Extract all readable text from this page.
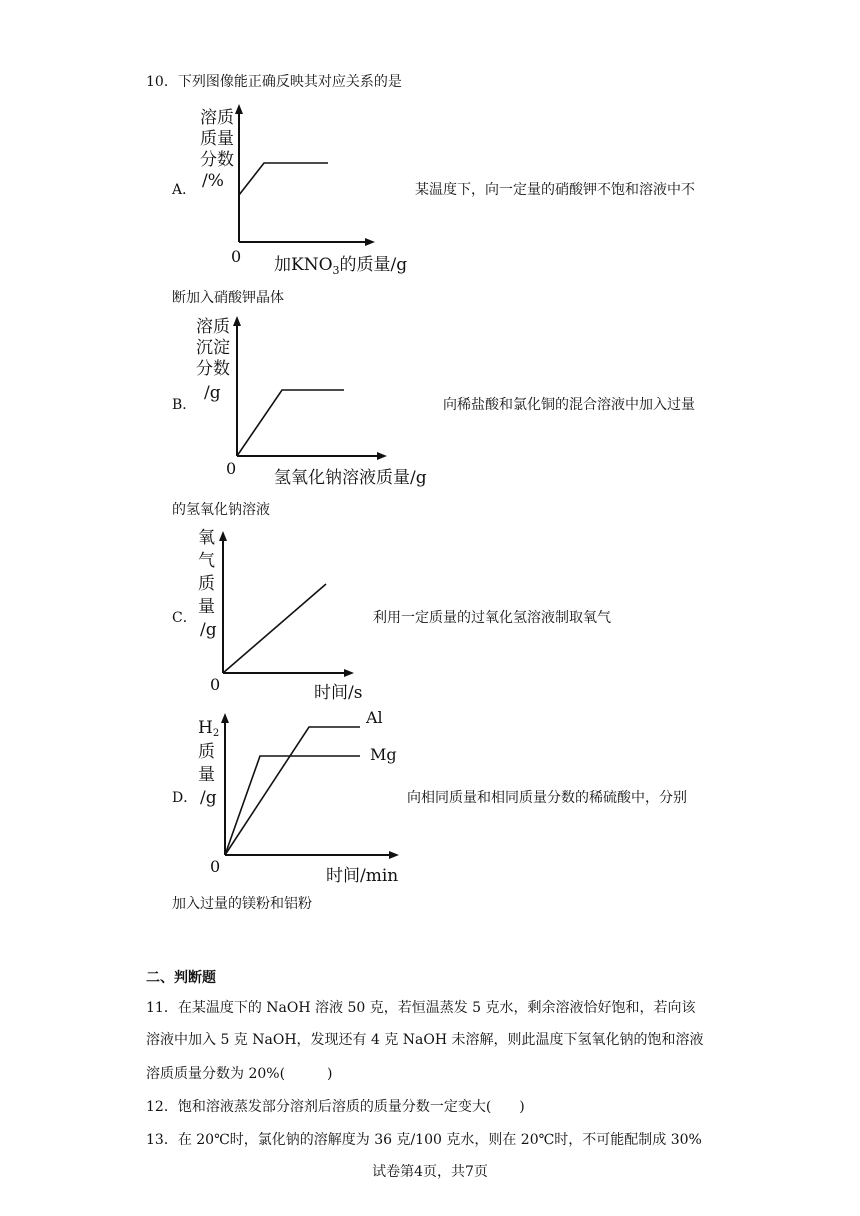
10．下列图像能正确反映其对应关系的是
A．
溶质
质量
分数
/%
0 加$KNO_3$的质量/g
某温度下，向一定量的硝酸钾不饱和溶液中不
断加入硝酸钾晶体
B．
溶质
沉淀
分数
/g
0 氢氧化钠溶液质量/g
向稀盐酸和氯化铜的混合溶液中加入过量
的氢氧化钠溶液
C．
氧
气
质
量
/g
0	时间/s
利用一定质量的过氧化氢溶液制取氧气
D．
H2
质
量
/g
Al
Mg
0	时间/min
向相同质量和相同质量分数的稀硫酸中，分别
加入过量的镁粉和铝粉
二、判断题
11．在某温度下的 NaOH 溶液 50 克，若恒温蒸发 5 克水，剩余溶液恰好饱和，若向该
溶液中加入 5 克 NaOH，发现还有 4 克 NaOH 未溶解，则此温度下氢氧化钠的饱和溶液
溶质质量分数为 20%(　　　)
12．饱和溶液蒸发部分溶剂后溶质的质量分数一定变大(　　)
13．在 20℃时，氯化钠的溶解度为 36 克/100 克水，则在 20℃时，不可能配制成 30%
试卷第4页，共7页
